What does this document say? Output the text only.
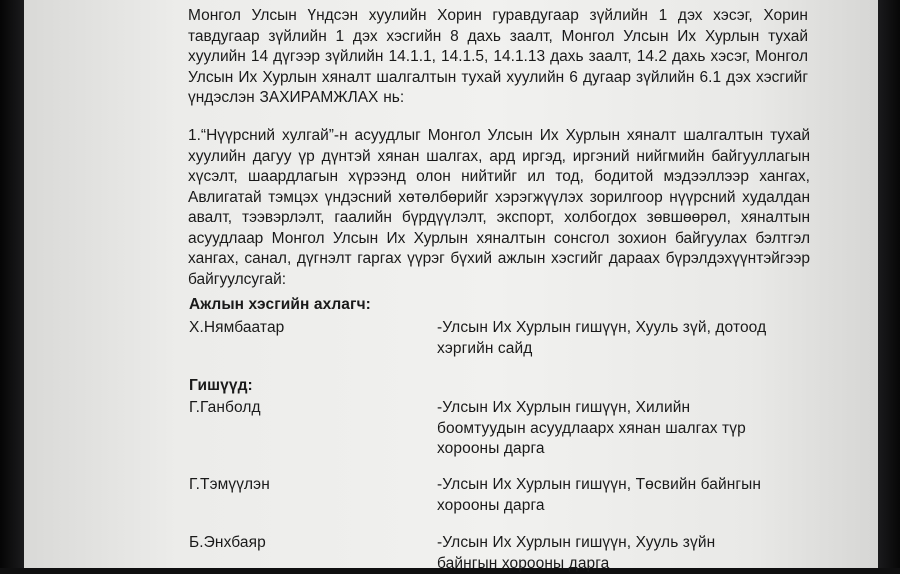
Монгол Улсын Үндсэн хуулийн Хорин гуравдугаар зүйлийн 1 дэх хэсэг, Хорин тавдугаар зүйлийн 1 дэх хэсгийн 8 дахь заалт, Монгол Улсын Их Хурлын тухай хуулийн 14 дүгээр зүйлийн 14.1.1, 14.1.5, 14.1.13 дахь заалт, 14.2 дахь хэсэг, Монгол Улсын Их Хурлын хяналт шалгалтын тухай хуулийн 6 дугаар зүйлийн 6.1 дэх хэсгийг үндэслэн ЗАХИРАМЖЛАХ нь:
1.“Нүүрсний хулгай”-н асуудлыг Монгол Улсын Их Хурлын хяналт шалгалтын тухай хуулийн дагуу үр дүнтэй хянан шалгах, ард иргэд, иргэний нийгмийн байгууллагын хүсэлт, шаардлагын хүрээнд олон нийтийг ил тод, бодитой мэдээллээр хангах, Авлигатай тэмцэх үндэсний хөтөлбөрийг хэрэгжүүлэх зорилгоор нүүрсний худалдан авалт, тээвэрлэлт, гаалийн бүрдүүлэлт, экспорт, холбогдох зөвшөөрөл, хяналтын асуудлаар Монгол Улсын Их Хурлын хяналтын сонсгол зохион байгуулах бэлтгэл хангах, санал, дүгнэлт гаргах үүрэг бүхий ажлын хэсгийг дараах бүрэлдэхүүнтэйгээр байгуулсугай:
Ажлын хэсгийн ахлагч:
Х.Нямбаатар	-Улсын Их Хурлын гишүүн, Хууль зүй, дотоод хэргийн сайд
Гишүүд:
Г.Ганболд	-Улсын Их Хурлын гишүүн, Хилийн боомтуудын асуудлаарх хянан шалгах түр хорооны дарга
Г.Тэмүүлэн	-Улсын Их Хурлын гишүүн, Төсвийн байнгын хорооны дарга
Б.Энхбаяр	-Улсын Их Хурлын гишүүн, Хууль зүйн байнгын хорооны дарга
